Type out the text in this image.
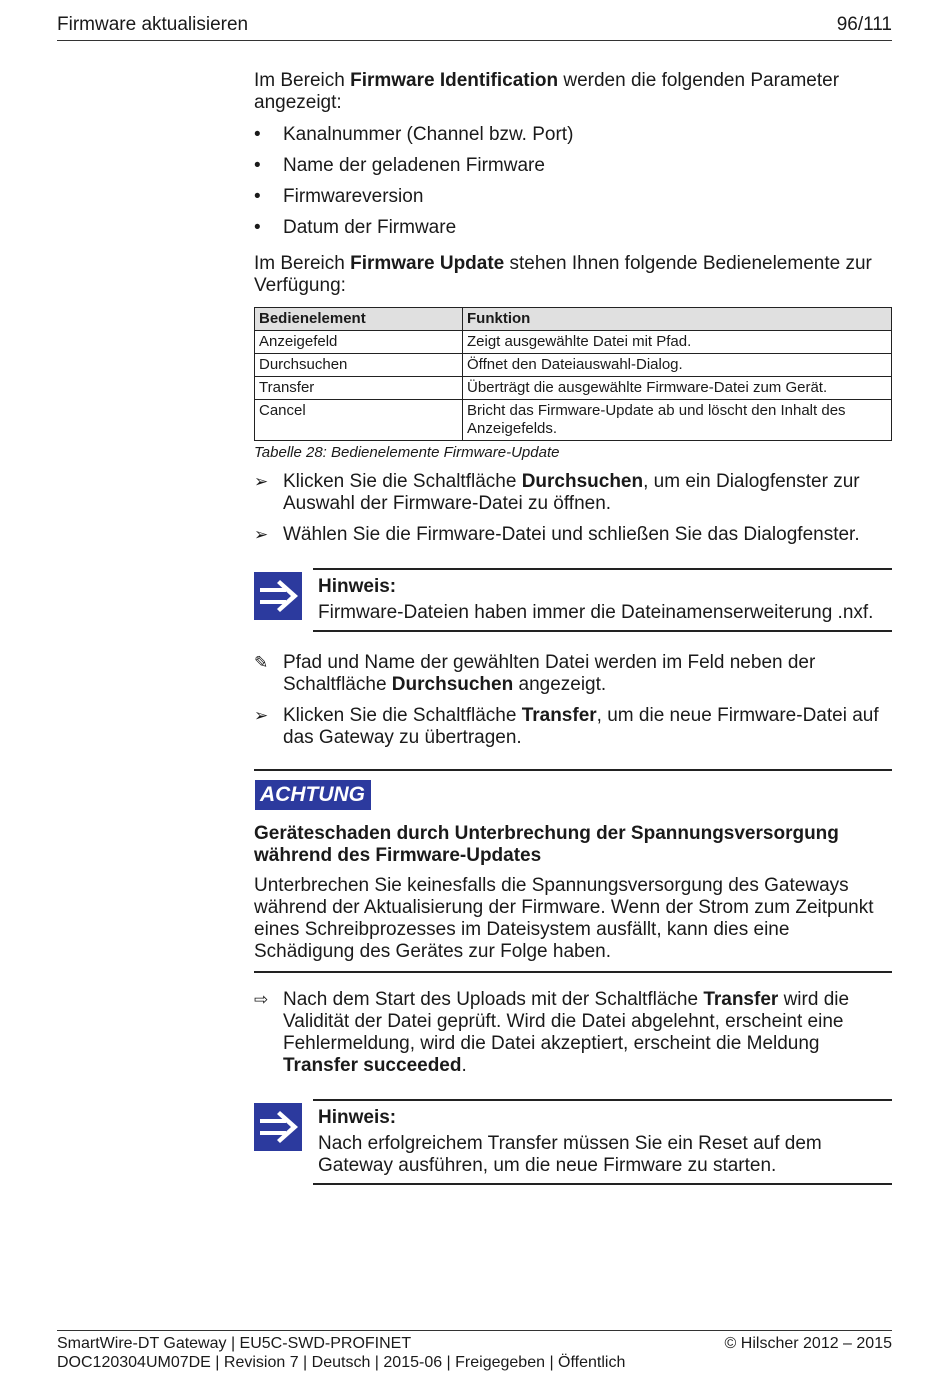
Firmware aktualisieren	96/111

Im Bereich Firmware Identification werden die folgenden Parameter angezeigt:

• Kanalnummer (Channel bzw. Port)
• Name der geladenen Firmware
• Firmwareversion
• Datum der Firmware

Im Bereich Firmware Update stehen Ihnen folgende Bedienelemente zur Verfügung:

Bedienelement	Funktion
Anzeigefeld	Zeigt ausgewählte Datei mit Pfad.
Durchsuchen	Öffnet den Dateiauswahl-Dialog.
Transfer	Überträgt die ausgewählte Firmware-Datei zum Gerät.
Cancel	Bricht das Firmware-Update ab und löscht den Inhalt des Anzeigefelds.
Tabelle 28: Bedienelemente Firmware-Update
➢ Klicken Sie die Schaltfläche Durchsuchen, um ein Dialogfenster zur Auswahl der Firmware-Datei zu öffnen.
➢ Wählen Sie die Firmware-Datei und schließen Sie das Dialogfenster.
Hinweis:
Firmware-Dateien haben immer die Dateinamenserweiterung .nxf.
✎ Pfad und Name der gewählten Datei werden im Feld neben der Schaltfläche Durchsuchen angezeigt.
➢ Klicken Sie die Schaltfläche Transfer, um die neue Firmware-Datei auf das Gateway zu übertragen.
ACHTUNG
Geräteschaden durch Unterbrechung der Spannungsversorgung während des Firmware-Updates
Unterbrechen Sie keinesfalls die Spannungsversorgung des Gateways während der Aktualisierung der Firmware. Wenn der Strom zum Zeitpunkt eines Schreibprozesses im Dateisystem ausfällt, kann dies eine Schädigung des Gerätes zur Folge haben.
⇨ Nach dem Start des Uploads mit der Schaltfläche Transfer wird die Validität der Datei geprüft. Wird die Datei abgelehnt, erscheint eine Fehlermeldung, wird die Datei akzeptiert, erscheint die Meldung Transfer succeeded.
Hinweis:
Nach erfolgreichem Transfer müssen Sie ein Reset auf dem Gateway ausführen, um die neue Firmware zu starten.
SmartWire-DT Gateway | EU5C-SWD-PROFINET
DOC120304UM07DE | Revision 7 | Deutsch | 2015-06 | Freigegeben | Öffentlich
© Hilscher 2012 – 2015
